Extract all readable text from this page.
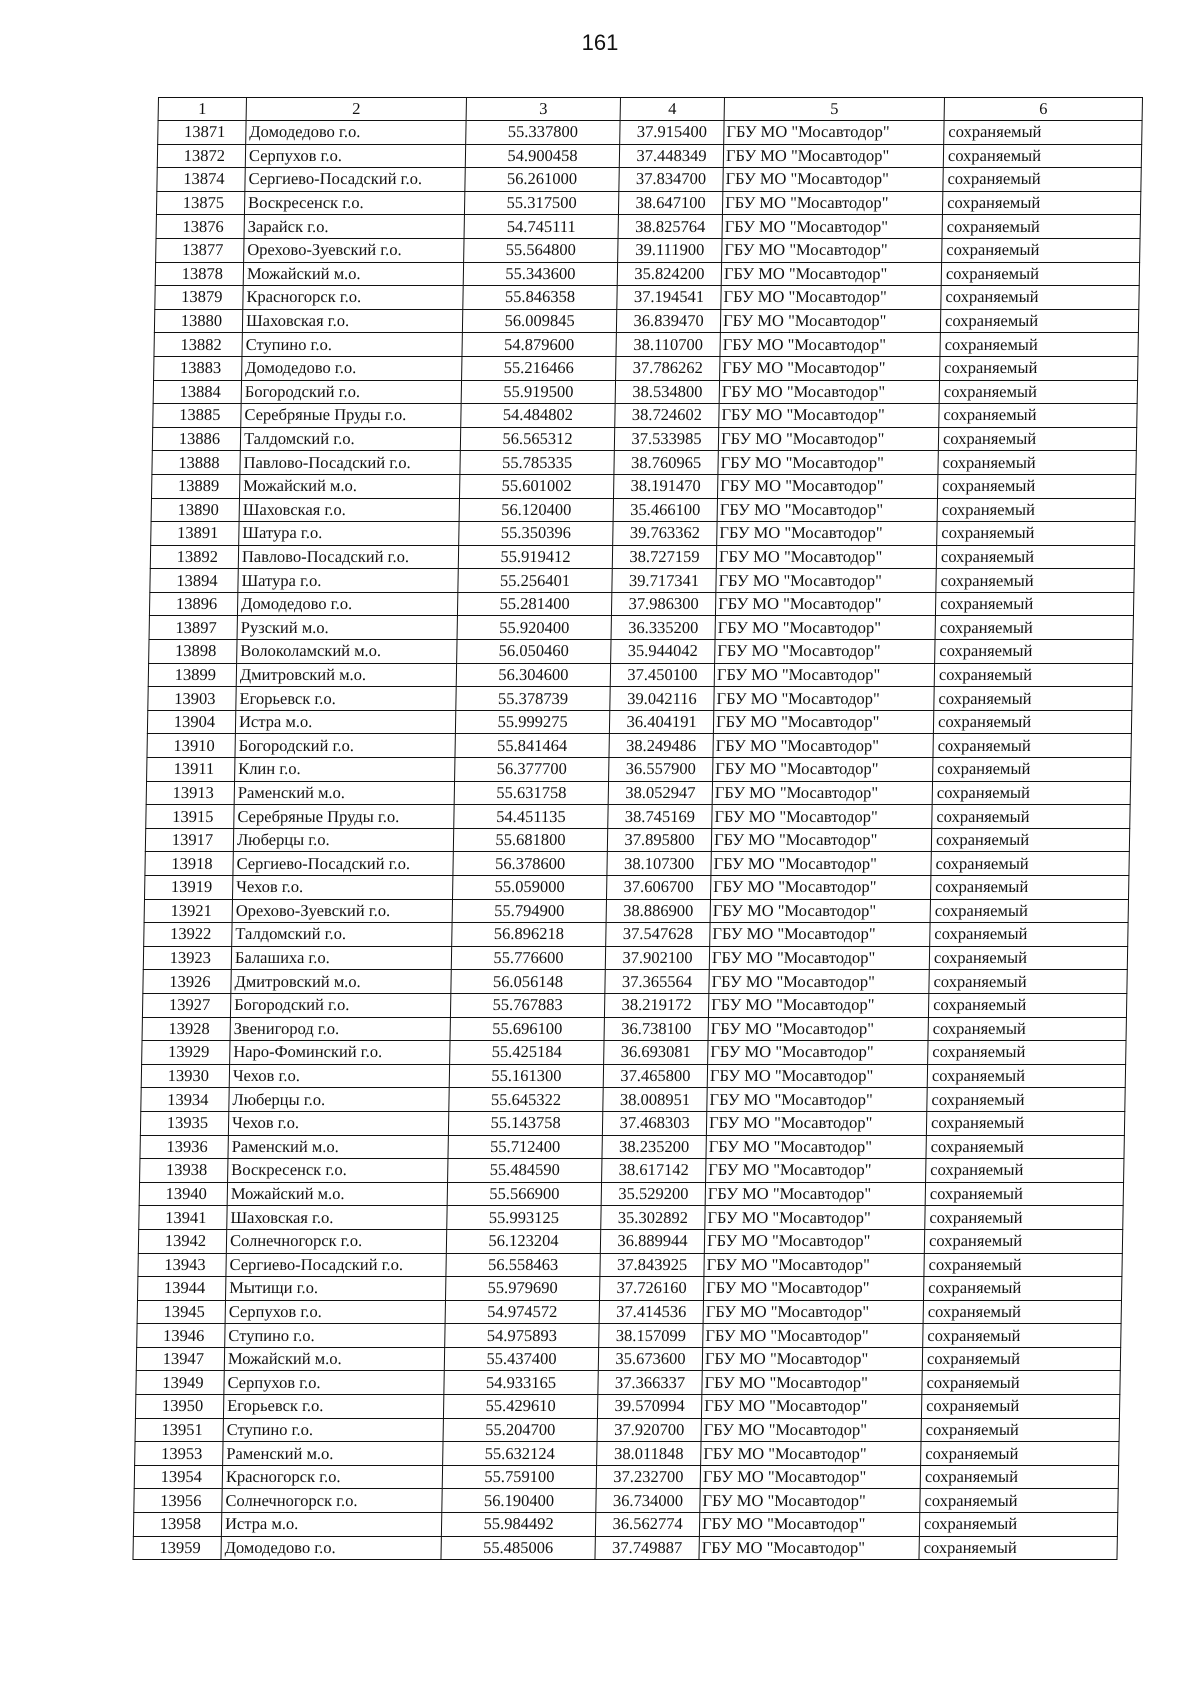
161
1	2	3	4	5	6
13871	Домодедово г.о.	55.337800	37.915400	ГБУ МО "Мосавтодор"	сохраняемый
13872	Серпухов г.о.	54.900458	37.448349	ГБУ МО "Мосавтодор"	сохраняемый
13874	Сергиево-Посадский г.о.	56.261000	37.834700	ГБУ МО "Мосавтодор"	сохраняемый
13875	Воскресенск г.о.	55.317500	38.647100	ГБУ МО "Мосавтодор"	сохраняемый
13876	Зарайск г.о.	54.745111	38.825764	ГБУ МО "Мосавтодор"	сохраняемый
13877	Орехово-Зуевский г.о.	55.564800	39.111900	ГБУ МО "Мосавтодор"	сохраняемый
13878	Можайский м.о.	55.343600	35.824200	ГБУ МО "Мосавтодор"	сохраняемый
13879	Красногорск г.о.	55.846358	37.194541	ГБУ МО "Мосавтодор"	сохраняемый
13880	Шаховская г.о.	56.009845	36.839470	ГБУ МО "Мосавтодор"	сохраняемый
13882	Ступино г.о.	54.879600	38.110700	ГБУ МО "Мосавтодор"	сохраняемый
13883	Домодедово г.о.	55.216466	37.786262	ГБУ МО "Мосавтодор"	сохраняемый
13884	Богородский г.о.	55.919500	38.534800	ГБУ МО "Мосавтодор"	сохраняемый
13885	Серебряные Пруды г.о.	54.484802	38.724602	ГБУ МО "Мосавтодор"	сохраняемый
13886	Талдомский г.о.	56.565312	37.533985	ГБУ МО "Мосавтодор"	сохраняемый
13888	Павлово-Посадский г.о.	55.785335	38.760965	ГБУ МО "Мосавтодор"	сохраняемый
13889	Можайский м.о.	55.601002	38.191470	ГБУ МО "Мосавтодор"	сохраняемый
13890	Шаховская г.о.	56.120400	35.466100	ГБУ МО "Мосавтодор"	сохраняемый
13891	Шатура г.о.	55.350396	39.763362	ГБУ МО "Мосавтодор"	сохраняемый
13892	Павлово-Посадский г.о.	55.919412	38.727159	ГБУ МО "Мосавтодор"	сохраняемый
13894	Шатура г.о.	55.256401	39.717341	ГБУ МО "Мосавтодор"	сохраняемый
13896	Домодедово г.о.	55.281400	37.986300	ГБУ МО "Мосавтодор"	сохраняемый
13897	Рузский м.о.	55.920400	36.335200	ГБУ МО "Мосавтодор"	сохраняемый
13898	Волоколамский м.о.	56.050460	35.944042	ГБУ МО "Мосавтодор"	сохраняемый
13899	Дмитровский м.о.	56.304600	37.450100	ГБУ МО "Мосавтодор"	сохраняемый
13903	Егорьевск г.о.	55.378739	39.042116	ГБУ МО "Мосавтодор"	сохраняемый
13904	Истра м.о.	55.999275	36.404191	ГБУ МО "Мосавтодор"	сохраняемый
13910	Богородский г.о.	55.841464	38.249486	ГБУ МО "Мосавтодор"	сохраняемый
13911	Клин г.о.	56.377700	36.557900	ГБУ МО "Мосавтодор"	сохраняемый
13913	Раменский м.о.	55.631758	38.052947	ГБУ МО "Мосавтодор"	сохраняемый
13915	Серебряные Пруды г.о.	54.451135	38.745169	ГБУ МО "Мосавтодор"	сохраняемый
13917	Люберцы г.о.	55.681800	37.895800	ГБУ МО "Мосавтодор"	сохраняемый
13918	Сергиево-Посадский г.о.	56.378600	38.107300	ГБУ МО "Мосавтодор"	сохраняемый
13919	Чехов г.о.	55.059000	37.606700	ГБУ МО "Мосавтодор"	сохраняемый
13921	Орехово-Зуевский г.о.	55.794900	38.886900	ГБУ МО "Мосавтодор"	сохраняемый
13922	Талдомский г.о.	56.896218	37.547628	ГБУ МО "Мосавтодор"	сохраняемый
13923	Балашиха г.о.	55.776600	37.902100	ГБУ МО "Мосавтодор"	сохраняемый
13926	Дмитровский м.о.	56.056148	37.365564	ГБУ МО "Мосавтодор"	сохраняемый
13927	Богородский г.о.	55.767883	38.219172	ГБУ МО "Мосавтодор"	сохраняемый
13928	Звенигород г.о.	55.696100	36.738100	ГБУ МО "Мосавтодор"	сохраняемый
13929	Наро-Фоминский г.о.	55.425184	36.693081	ГБУ МО "Мосавтодор"	сохраняемый
13930	Чехов г.о.	55.161300	37.465800	ГБУ МО "Мосавтодор"	сохраняемый
13934	Люберцы г.о.	55.645322	38.008951	ГБУ МО "Мосавтодор"	сохраняемый
13935	Чехов г.о.	55.143758	37.468303	ГБУ МО "Мосавтодор"	сохраняемый
13936	Раменский м.о.	55.712400	38.235200	ГБУ МО "Мосавтодор"	сохраняемый
13938	Воскресенск г.о.	55.484590	38.617142	ГБУ МО "Мосавтодор"	сохраняемый
13940	Можайский м.о.	55.566900	35.529200	ГБУ МО "Мосавтодор"	сохраняемый
13941	Шаховская г.о.	55.993125	35.302892	ГБУ МО "Мосавтодор"	сохраняемый
13942	Солнечногорск г.о.	56.123204	36.889944	ГБУ МО "Мосавтодор"	сохраняемый
13943	Сергиево-Посадский г.о.	56.558463	37.843925	ГБУ МО "Мосавтодор"	сохраняемый
13944	Мытищи г.о.	55.979690	37.726160	ГБУ МО "Мосавтодор"	сохраняемый
13945	Серпухов г.о.	54.974572	37.414536	ГБУ МО "Мосавтодор"	сохраняемый
13946	Ступино г.о.	54.975893	38.157099	ГБУ МО "Мосавтодор"	сохраняемый
13947	Можайский м.о.	55.437400	35.673600	ГБУ МО "Мосавтодор"	сохраняемый
13949	Серпухов г.о.	54.933165	37.366337	ГБУ МО "Мосавтодор"	сохраняемый
13950	Егорьевск г.о.	55.429610	39.570994	ГБУ МО "Мосавтодор"	сохраняемый
13951	Ступино г.о.	55.204700	37.920700	ГБУ МО "Мосавтодор"	сохраняемый
13953	Раменский м.о.	55.632124	38.011848	ГБУ МО "Мосавтодор"	сохраняемый
13954	Красногорск г.о.	55.759100	37.232700	ГБУ МО "Мосавтодор"	сохраняемый
13956	Солнечногорск г.о.	56.190400	36.734000	ГБУ МО "Мосавтодор"	сохраняемый
13958	Истра м.о.	55.984492	36.562774	ГБУ МО "Мосавтодор"	сохраняемый
13959	Домодедово г.о.	55.485006	37.749887	ГБУ МО "Мосавтодор"	сохраняемый
